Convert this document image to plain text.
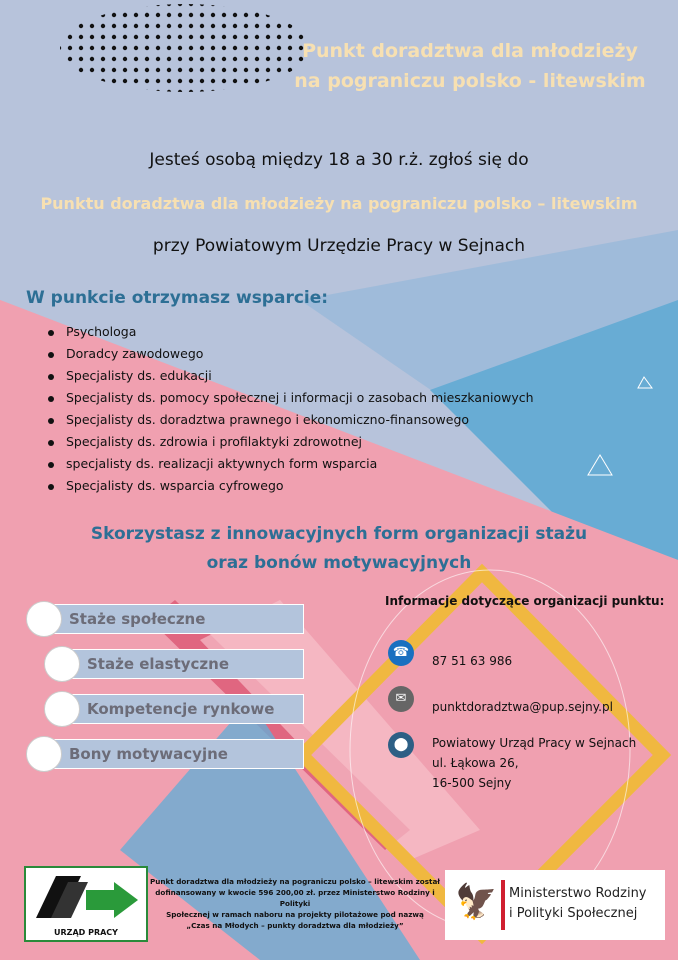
Punkt doradztwa dla młodzieży
na pograniczu polsko - litewskim
Jesteś osobą między 18 a 30 r.ż. zgłoś się do
Punktu doradztwa dla młodzieży na pograniczu polsko – litewskim
przy Powiatowym Urzędzie Pracy w Sejnach
W punkcie otrzymasz wsparcie:
Psychologa
Doradcy zawodowego
Specjalisty ds. edukacji
Specjalisty ds. pomocy społecznej i informacji o zasobach mieszkaniowych
Specjalisty ds. doradztwa prawnego i ekonomiczno-finansowego
Specjalisty ds. zdrowia i profilaktyki zdrowotnej
specjalisty ds. realizacji aktywnych form wsparcia
Specjalisty ds. wsparcia cyfrowego
Skorzystasz z innowacyjnych form organizacji stażu
oraz bonów motywacyjnych
Staże społeczne
Staże elastyczne
Kompetencje rynkowe
Bony motywacyjne
Informacje dotyczące organizacji punktu:
☎
87 51 63 986
✉
punktdoradztwa@pup.sejny.pl
⬤	Powiatowy Urząd Pracy w Sejnach
ul. Łąkowa 26,
16-500 Sejny
URZĄD PRACY
Punkt doradztwa dla młodzieży na pograniczu polsko – litewskim został
dofinansowany w kwocie 596 200,00 zł. przez Ministerstwo Rodziny i Polityki
Społecznej w ramach naboru na projekty pilotażowe pod nazwą
„Czas na Młodych – punkty doradztwa dla młodzieży”
🦅 Ministerstwo Rodziny
i Polityki Społecznej
